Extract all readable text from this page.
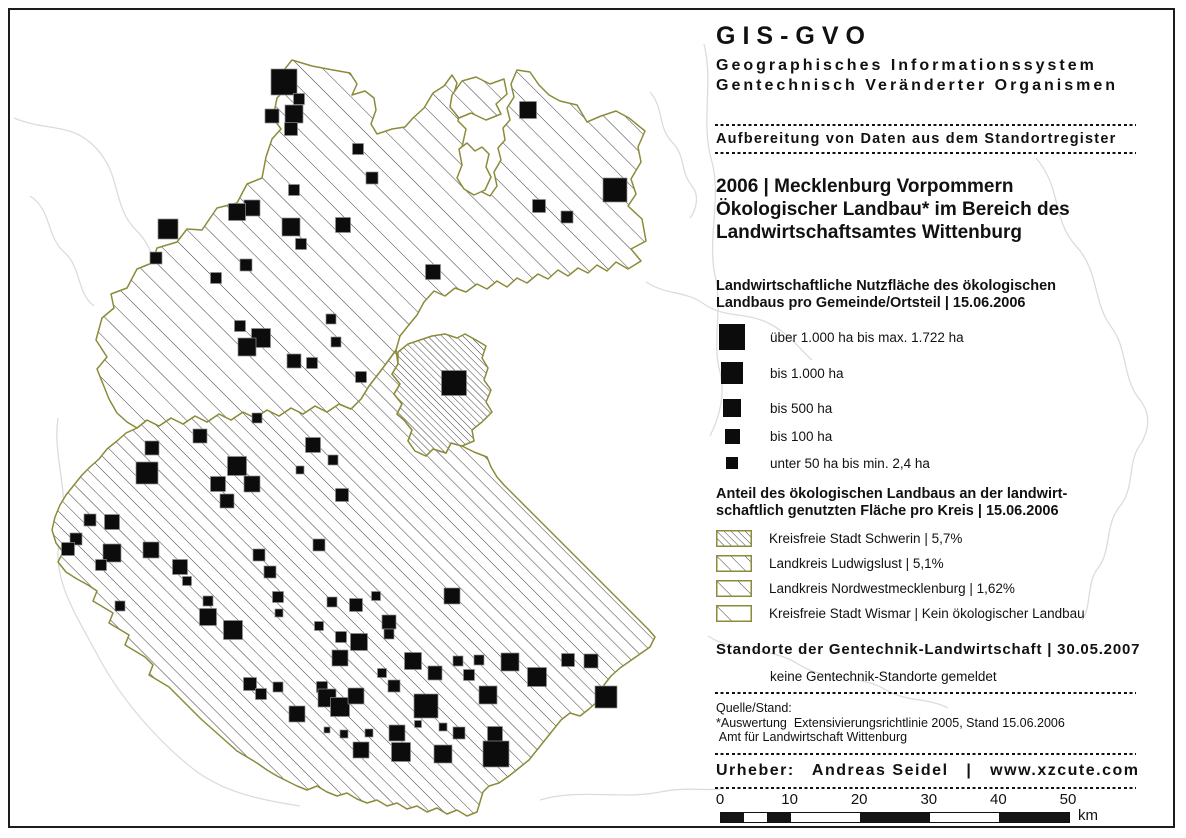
GIS-GVO
Geographisches Informationssystem
Gentechnisch Veränderter Organismen
Aufbereitung von Daten aus dem Standortregister
2006 | Mecklenburg Vorpommern
Ökologischer Landbau* im Bereich des
Landwirtschaftsamtes Wittenburg
Landwirtschaftliche Nutzfläche des ökologischen
Landbaus pro Gemeinde/Ortsteil | 15.06.2006
über 1.000 ha bis max. 1.722 ha
bis 1.000 ha
bis 500 ha
bis 100 ha
unter 50 ha bis min. 2,4 ha
Anteil des ökologischen Landbaus an der landwirt-
schaftlich genutzten Fläche pro Kreis | 15.06.2006
Kreisfreie Stadt Schwerin | 5,7%
Landkreis Ludwigslust | 5,1%
Landkreis Nordwestmecklenburg | 1,62%
Kreisfreie Stadt Wismar | Kein ökologischer Landbau
Standorte der Gentechnik-Landwirtschaft | 30.05.2007
keine Gentechnik-Standorte gemeldet
Quelle/Stand:
*Auswertung  Extensivierungsrichtlinie 2005, Stand 15.06.2006
Amt für Landwirtschaft Wittenburg
Urheber:   Andreas Seidel   |   www.xzcute.com
0	10	20	30	40	50
km
